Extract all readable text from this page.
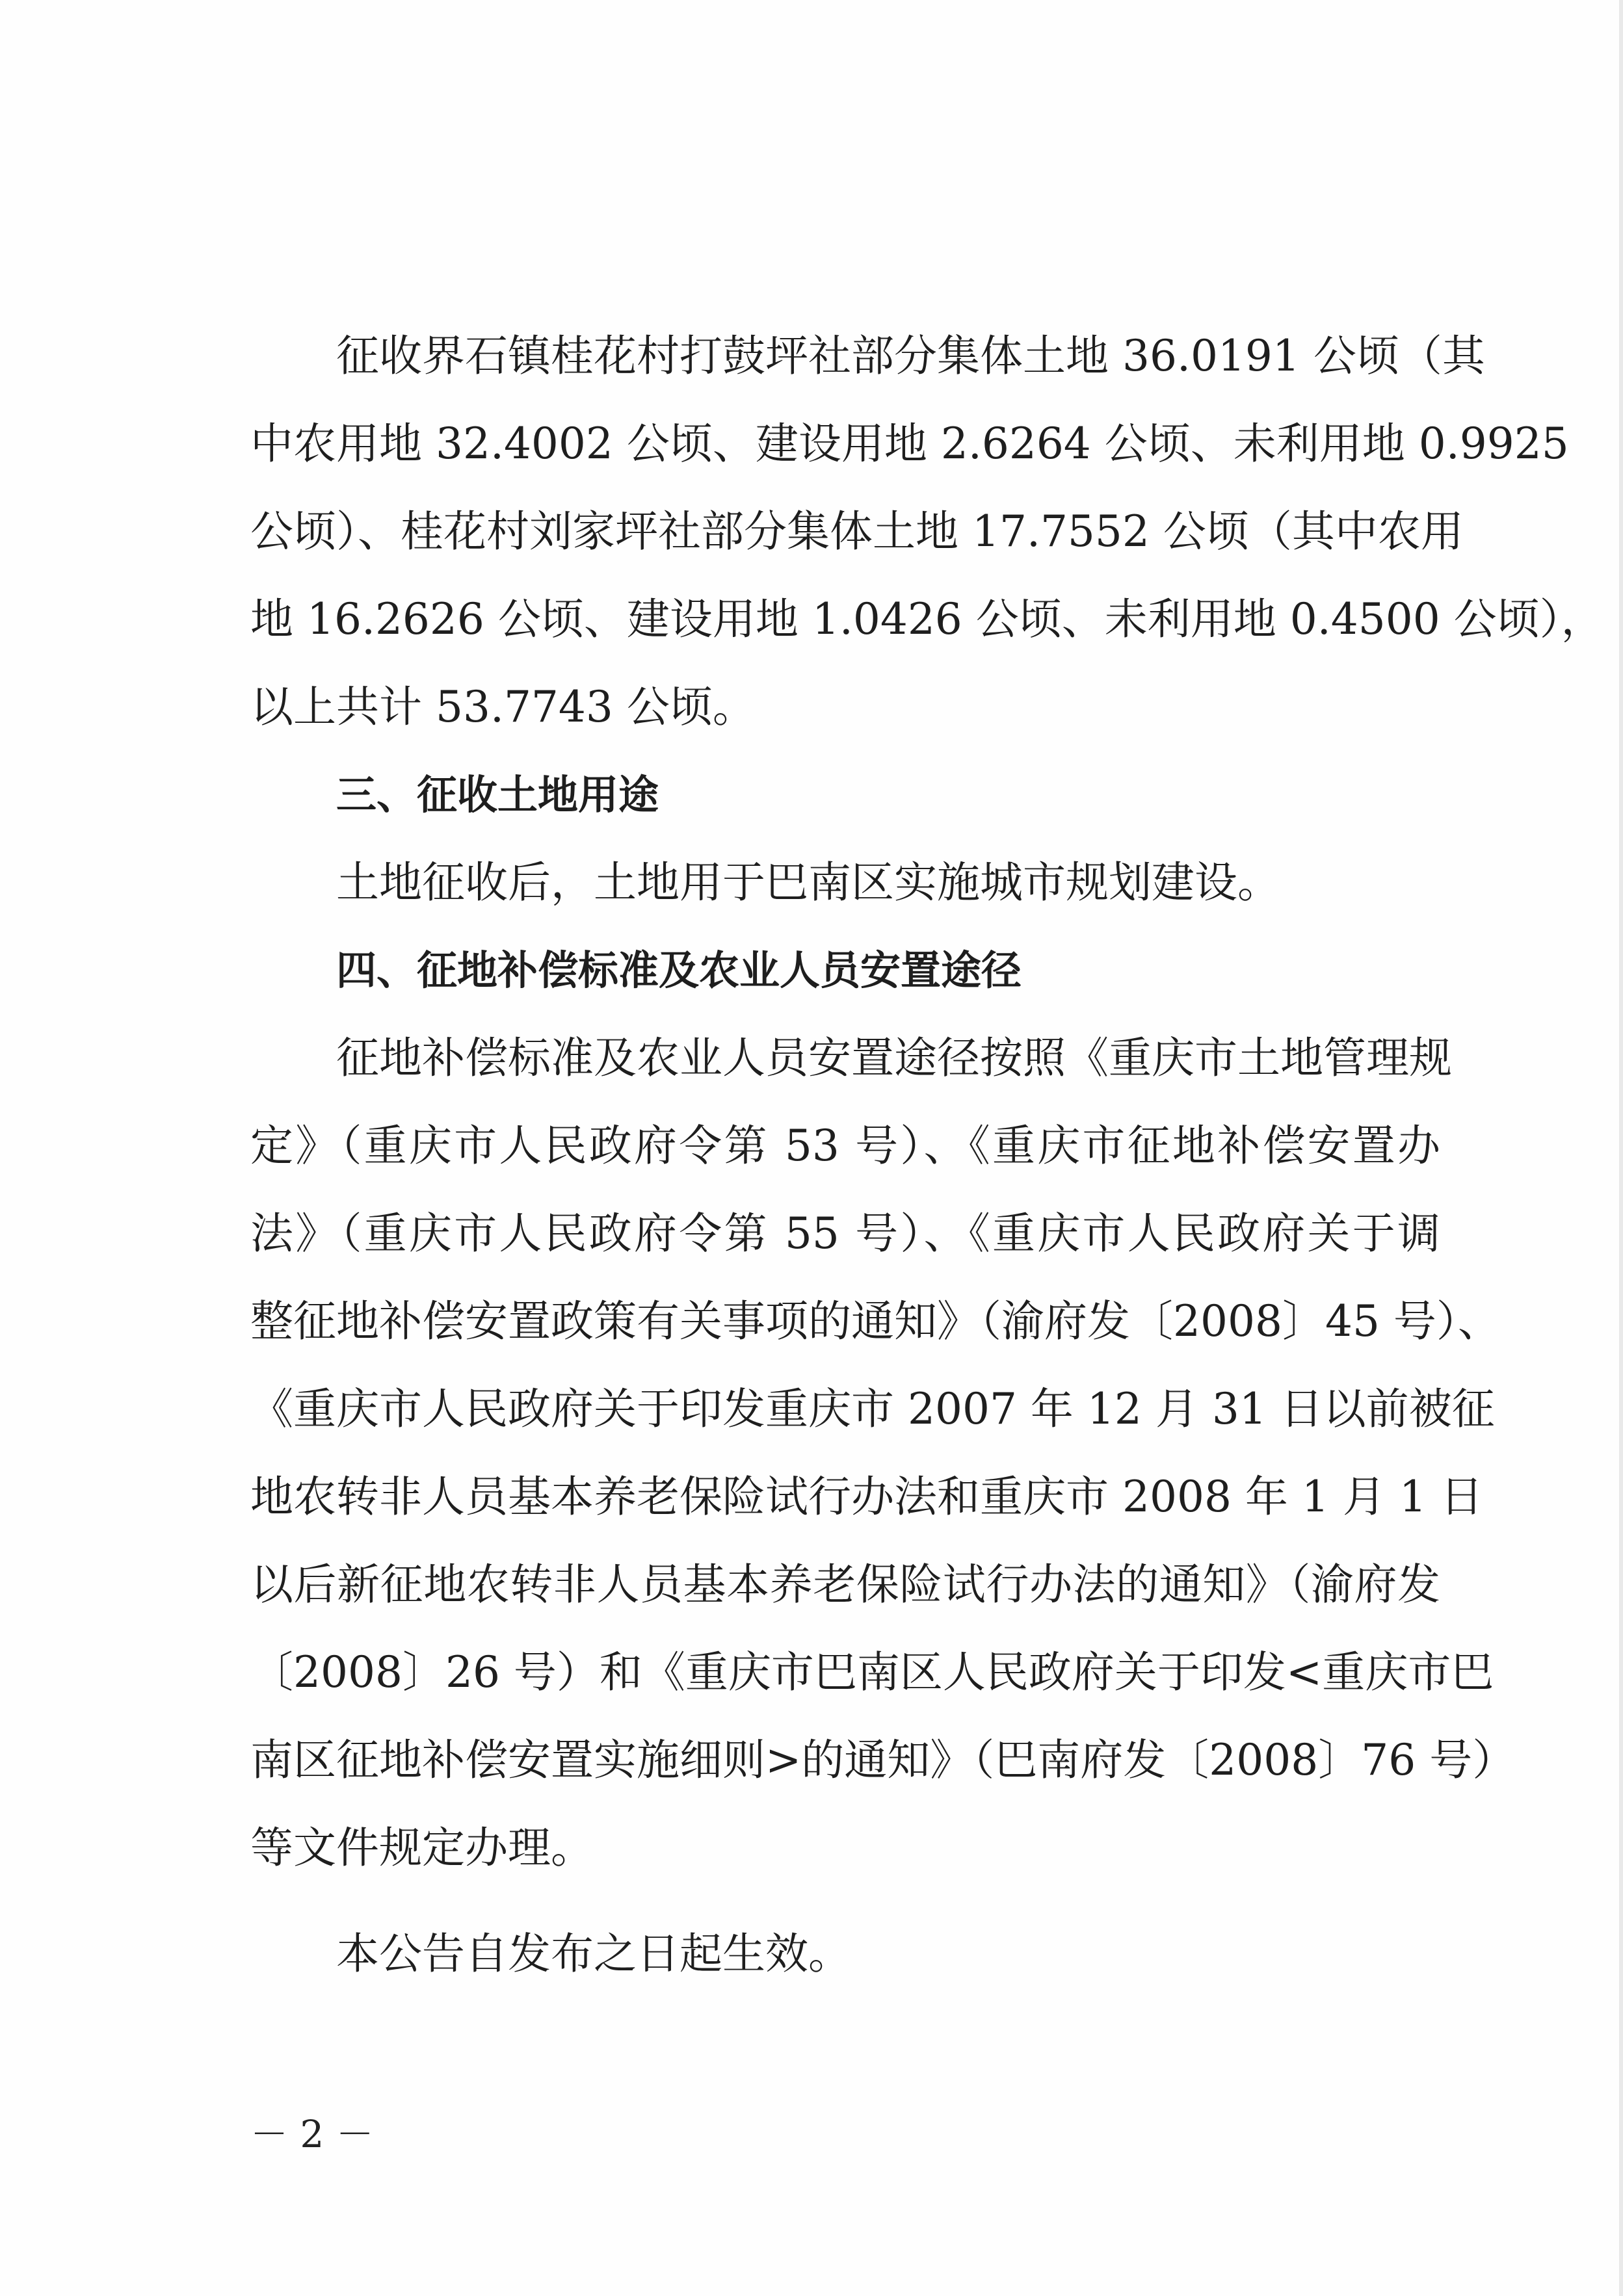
征收界石镇桂花村打鼓坪社部分集体土地 36.0191 公顷（其
中农用地 32.4002 公顷、建设用地 2.6264 公顷、未利用地 0.9925
公顷）、桂花村刘家坪社部分集体土地 17.7552 公顷（其中农用
地 16.2626 公顷、建设用地 1.0426 公顷、未利用地 0.4500 公顷），
以上共计 53.7743 公顷。
三、征收土地用途
土地征收后，土地用于巴南区实施城市规划建设。
四、征地补偿标准及农业人员安置途径
征地补偿标准及农业人员安置途径按照《重庆市土地管理规
定》（重庆市人民政府令第 53 号）、《重庆市征地补偿安置办
法》（重庆市人民政府令第 55 号）、《重庆市人民政府关于调
整征地补偿安置政策有关事项的通知》（渝府发〔2008〕45 号）、
《重庆市人民政府关于印发重庆市 2007 年 12 月 31 日以前被征
地农转非人员基本养老保险试行办法和重庆市 2008 年 1 月 1 日
以后新征地农转非人员基本养老保险试行办法的通知》（渝府发
〔2008〕26 号）和《重庆市巴南区人民政府关于印发<重庆市巴
南区征地补偿安置实施细则>的通知》（巴南府发〔2008〕76 号）
等文件规定办理。
本公告自发布之日起生效。
－ 2 －
